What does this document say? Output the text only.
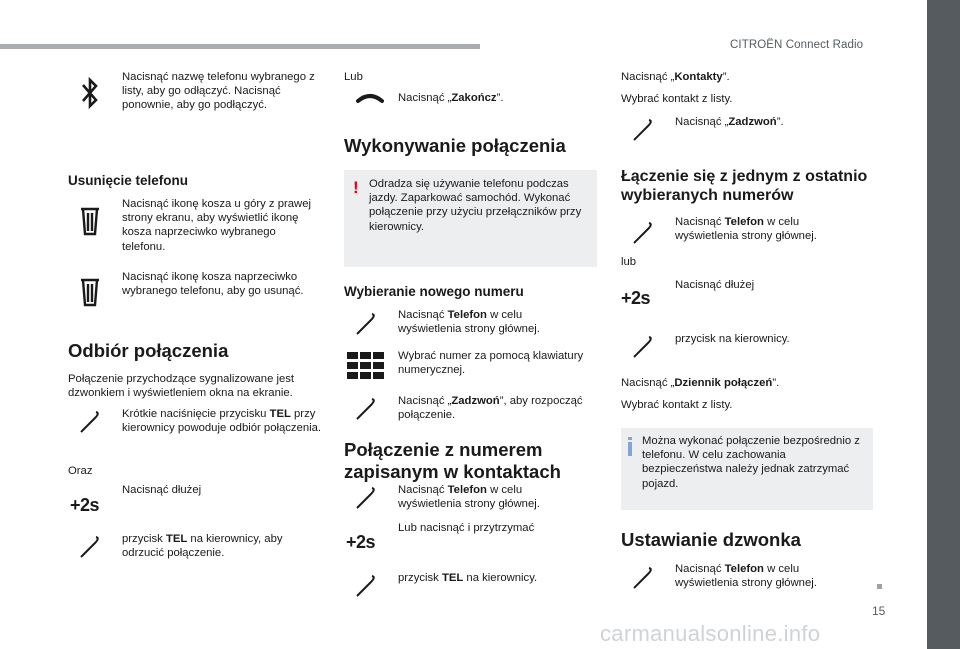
CITROËN Connect Radio
15
carmanualsonline.info
Nacisnąć nazwę telefonu wybranego z listy, aby go odłączyć. Nacisnąć ponownie, aby go podłączyć.
Usunięcie telefonu
Nacisnąć ikonę kosza u góry z prawej strony ekranu, aby wyświetlić ikonę kosza naprzeciwko wybranego telefonu.
Nacisnąć ikonę kosza naprzeciwko wybranego telefonu, aby go usunąć.
Odbiór połączenia
Połączenie przychodzące sygnalizowane jest dzwonkiem i wyświetleniem okna na ekranie.
Krótkie naciśnięcie przycisku TEL przy kierownicy powoduje odbiór połączenia.
Oraz
+2s
Nacisnąć dłużej
przycisk TEL na kierownicy, aby odrzucić połączenie.
Lub
Nacisnąć „Zakończ”.
Wykonywanie połączenia
! Odradza się używanie telefonu podczas jazdy. Zaparkować samochód. Wykonać połączenie przy użyciu przełączników przy kierownicy.
Wybieranie nowego numeru
Nacisnąć Telefon w celu wyświetlenia strony głównej.
Wybrać numer za pomocą klawiatury numerycznej.
Nacisnąć „Zadzwoń”, aby rozpocząć połączenie.
Połączenie z numerem zapisanym w kontaktach
Nacisnąć Telefon w celu wyświetlenia strony głównej.
+2s
Lub nacisnąć i przytrzymać
przycisk TEL na kierownicy.
Nacisnąć „Kontakty”.
Wybrać kontakt z listy.
Nacisnąć „Zadzwoń”.
Łączenie się z jednym z ostatnio wybieranych numerów
Nacisnąć Telefon w celu wyświetlenia strony głównej.
lub
+2s
Nacisnąć dłużej
przycisk na kierownicy.
Nacisnąć „Dziennik połączeń”.
Wybrać kontakt z listy.
Można wykonać połączenie bezpośrednio z telefonu. W celu zachowania bezpieczeństwa należy jednak zatrzymać pojazd.
Ustawianie dzwonka
Nacisnąć Telefon w celu wyświetlenia strony głównej.
